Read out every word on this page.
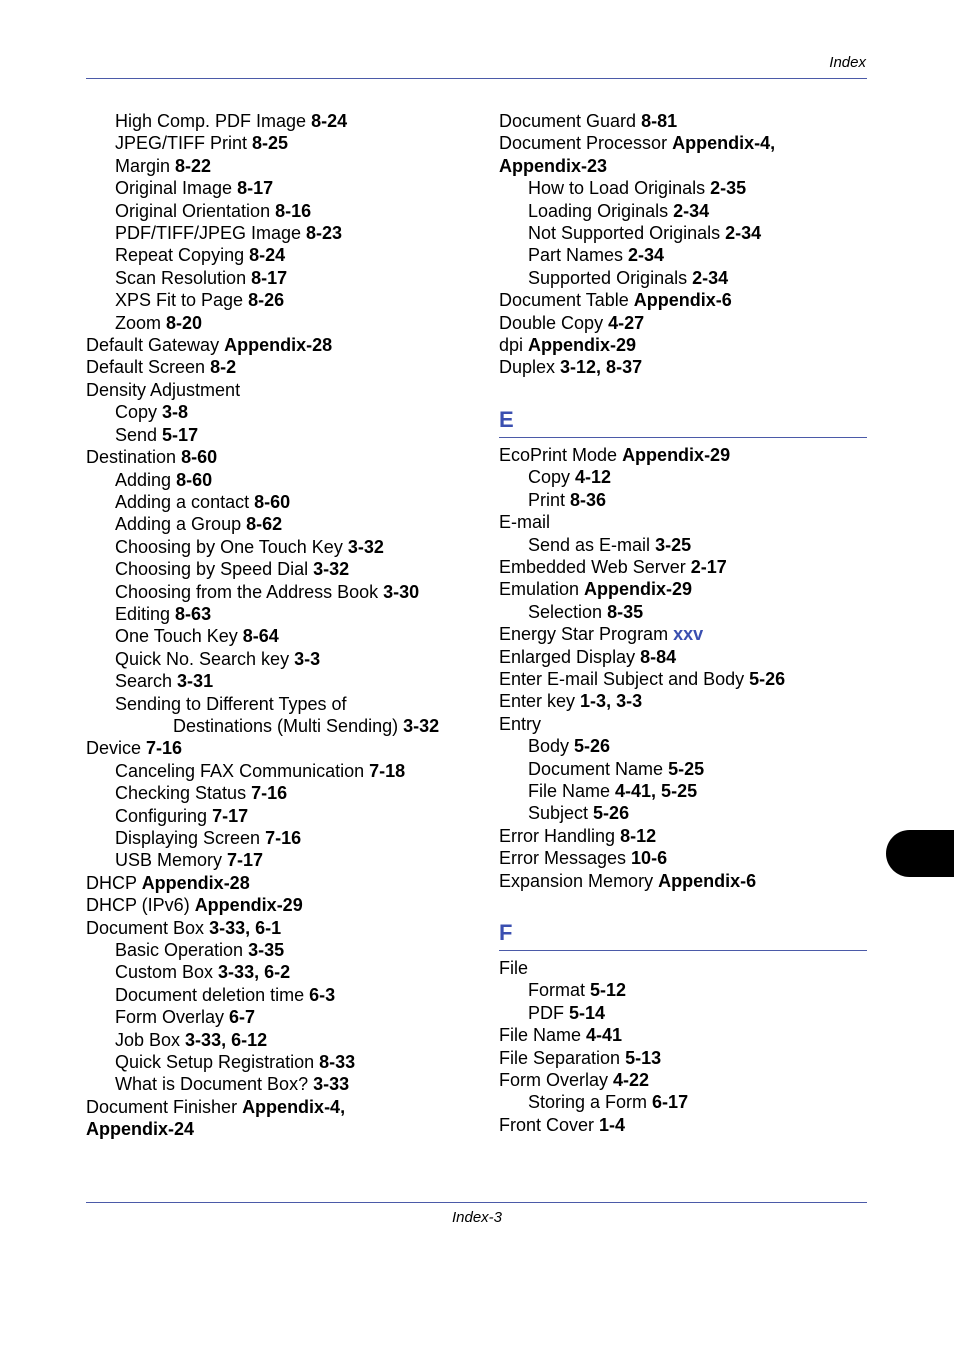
Index
High Comp. PDF Image 8-24
JPEG/TIFF Print 8-25
Margin 8-22
Original Image 8-17
Original Orientation 8-16
PDF/TIFF/JPEG Image 8-23
Repeat Copying 8-24
Scan Resolution 8-17
XPS Fit to Page 8-26
Zoom 8-20
Default Gateway Appendix-28
Default Screen 8-2
Density Adjustment
Copy 3-8
Send 5-17
Destination 8-60
Adding 8-60
Adding a contact 8-60
Adding a Group 8-62
Choosing by One Touch Key 3-32
Choosing by Speed Dial 3-32
Choosing from the Address Book 3-30
Editing 8-63
One Touch Key 8-64
Quick No. Search key 3-3
Search 3-31
Sending to Different Types of
Destinations (Multi Sending) 3-32
Device 7-16
Canceling FAX Communication 7-18
Checking Status 7-16
Configuring 7-17
Displaying Screen 7-16
USB Memory 7-17
DHCP Appendix-28
DHCP (IPv6) Appendix-29
Document Box 3-33, 6-1
Basic Operation 3-35
Custom Box 3-33, 6-2
Document deletion time 6-3
Form Overlay 6-7
Job Box 3-33, 6-12
Quick Setup Registration 8-33
What is Document Box? 3-33
Document Finisher Appendix-4,
Appendix-24
Document Guard 8-81
Document Processor Appendix-4,
Appendix-23
How to Load Originals 2-35
Loading Originals 2-34
Not Supported Originals 2-34
Part Names 2-34
Supported Originals 2-34
Document Table Appendix-6
Double Copy 4-27
dpi Appendix-29
Duplex 3-12, 8-37
E
EcoPrint Mode Appendix-29
Copy 4-12
Print 8-36
E-mail
Send as E-mail 3-25
Embedded Web Server 2-17
Emulation Appendix-29
Selection 8-35
Energy Star Program xxv
Enlarged Display 8-84
Enter E-mail Subject and Body 5-26
Enter key 1-3, 3-3
Entry
Body 5-26
Document Name 5-25
File Name 4-41, 5-25
Subject 5-26
Error Handling 8-12
Error Messages 10-6
Expansion Memory Appendix-6
F
File
Format 5-12
PDF 5-14
File Name 4-41
File Separation 5-13
Form Overlay 4-22
Storing a Form 6-17
Front Cover 1-4
Index-3
